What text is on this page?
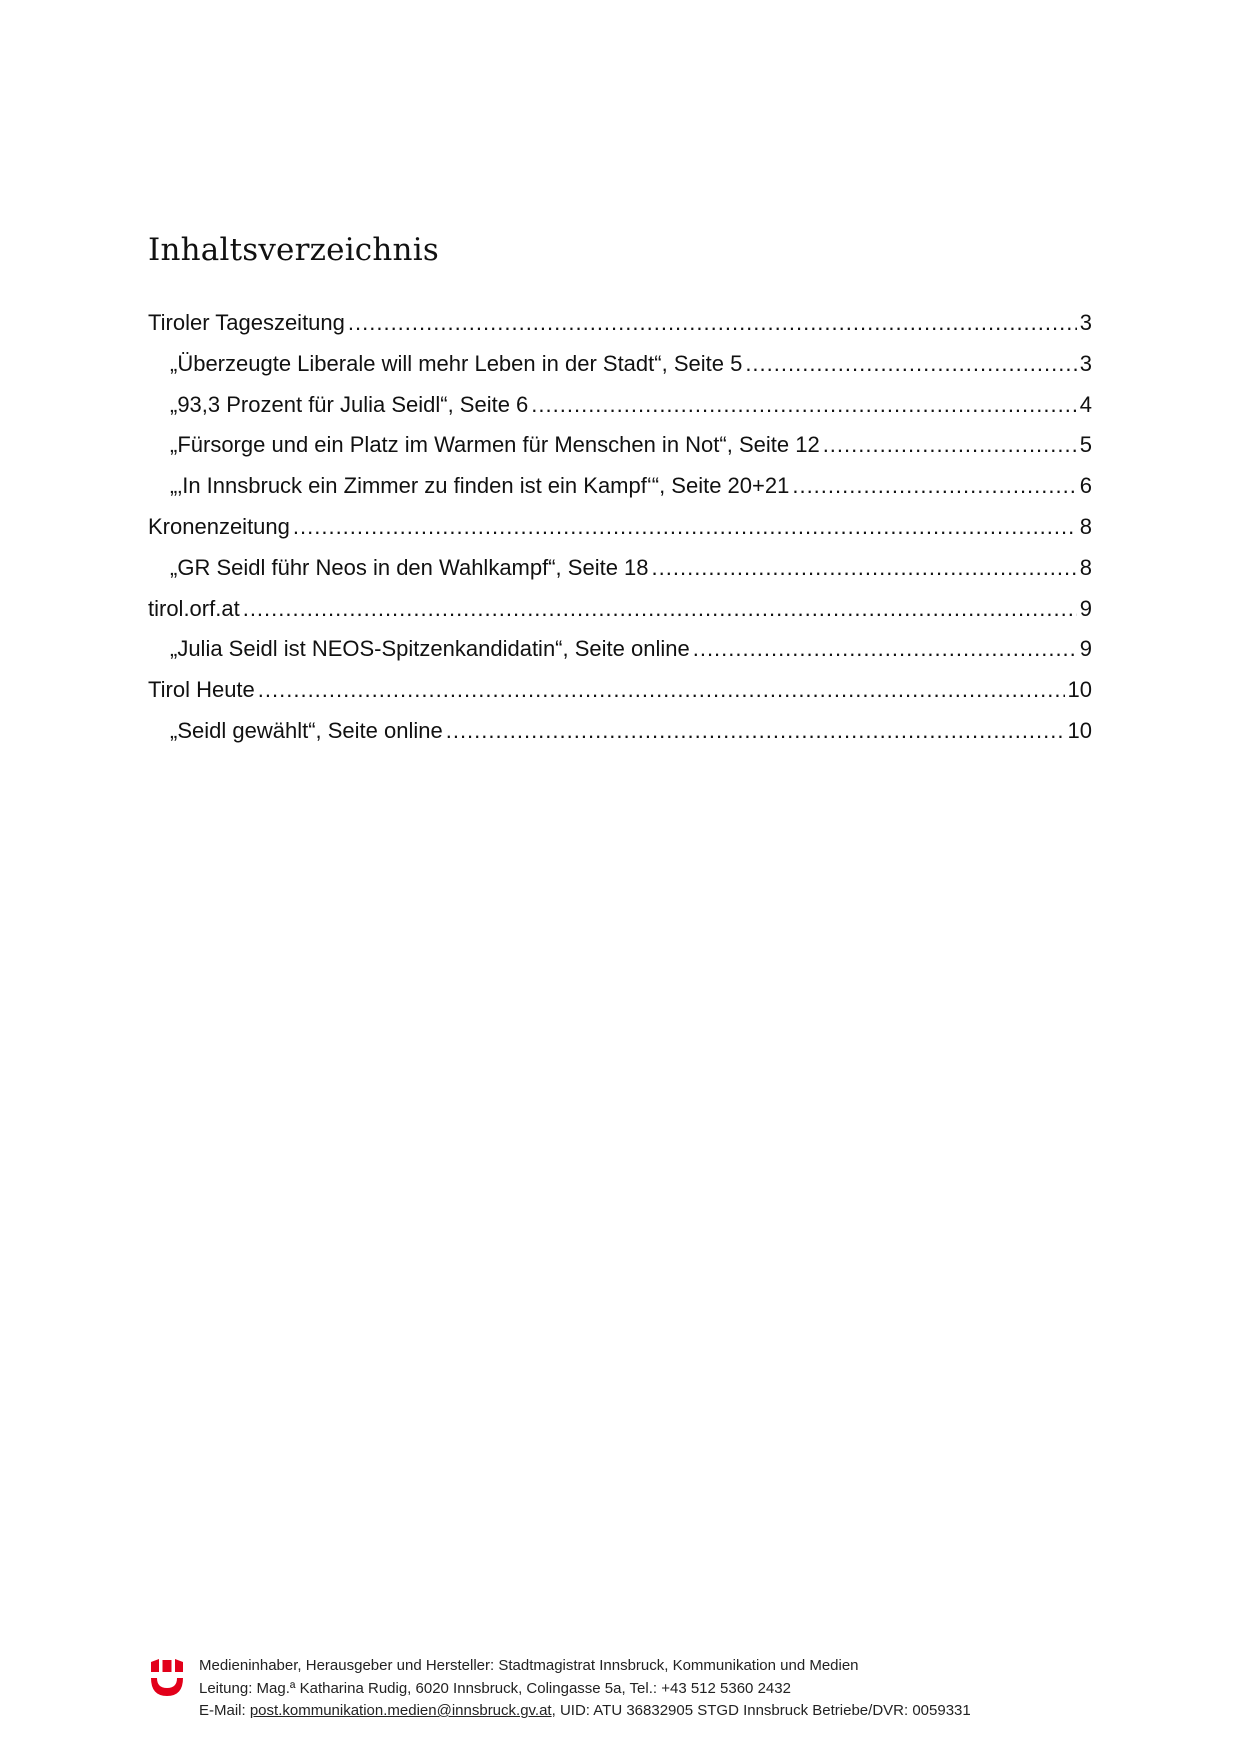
Inhaltsverzeichnis
Tiroler Tageszeitung .....	3
„Überzeugte Liberale will mehr Leben in der Stadt“, Seite 5 .....	3
„93,3 Prozent für Julia Seidl“, Seite 6 .....	4
„Fürsorge und ein Platz im Warmen für Menschen in Not“, Seite 12 .....	5
„‚In Innsbruck ein Zimmer zu finden ist ein Kampf‘“, Seite 20+21 .....	6
Kronenzeitung .....	8
„GR Seidl führ Neos in den Wahlkampf“, Seite 18 .....	8
tirol.orf.at .....	9
„Julia Seidl ist NEOS-Spitzenkandidatin“, Seite online .....	9
Tirol Heute .....	10
„Seidl gewählt“, Seite online .....	10
Medieninhaber, Herausgeber und Hersteller: Stadtmagistrat Innsbruck, Kommunikation und Medien
Leitung: Mag.ª Katharina Rudig, 6020 Innsbruck, Colingasse 5a, Tel.: +43 512 5360 2432
E-Mail: post.kommunikation.medien@innsbruck.gv.at, UID: ATU 36832905 STGD Innsbruck Betriebe/DVR: 0059331
